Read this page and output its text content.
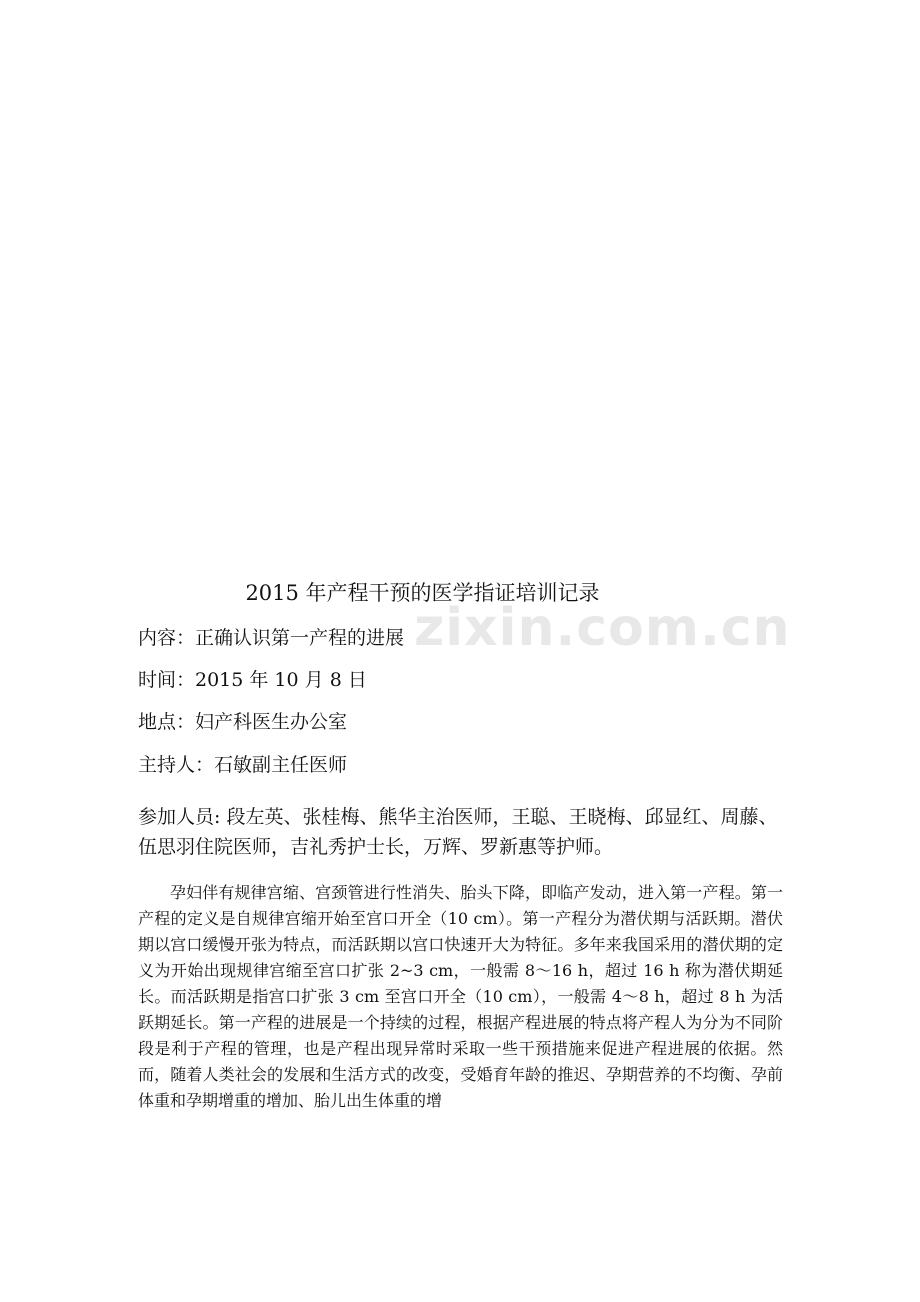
2015 年产程干预的医学指证培训记录
内容：正确认识第一产程的进展
时间：2015 年 10 月 8 日
地点：妇产科医生办公室
主持人：石敏副主任医师
参加人员: 段左英、张桂梅、熊华主治医师，王聪、王晓梅、邱显红、周藤、伍思羽住院医师，吉礼秀护士长，万辉、罗新惠等护师。
孕妇伴有规律宫缩、宫颈管进行性消失、胎头下降，即临产发动，进入第一产程。第一产程的定义是自规律宫缩开始至宫口开全（10 cm）。第一产程分为潜伏期与活跃期。潜伏期以宫口缓慢开张为特点，而活跃期以宫口快速开大为特征。多年来我国采用的潜伏期的定义为开始出现规律宫缩至宫口扩张 2~3 cm，一般需 8～16 h，超过 16 h 称为潜伏期延长。而活跃期是指宫口扩张 3 cm 至宫口开全（10 cm），一般需 4～8 h，超过 8 h 为活跃期延长。第一产程的进展是一个持续的过程，根据产程进展的特点将产程人为分为不同阶段是利于产程的管理，也是产程出现异常时采取一些干预措施来促进产程进展的依据。然而，随着人类社会的发展和生活方式的改变，受婚育年龄的推迟、孕期营养的不均衡、孕前体重和孕期增重的增加、胎儿出生体重的增
zixin.com.cn
